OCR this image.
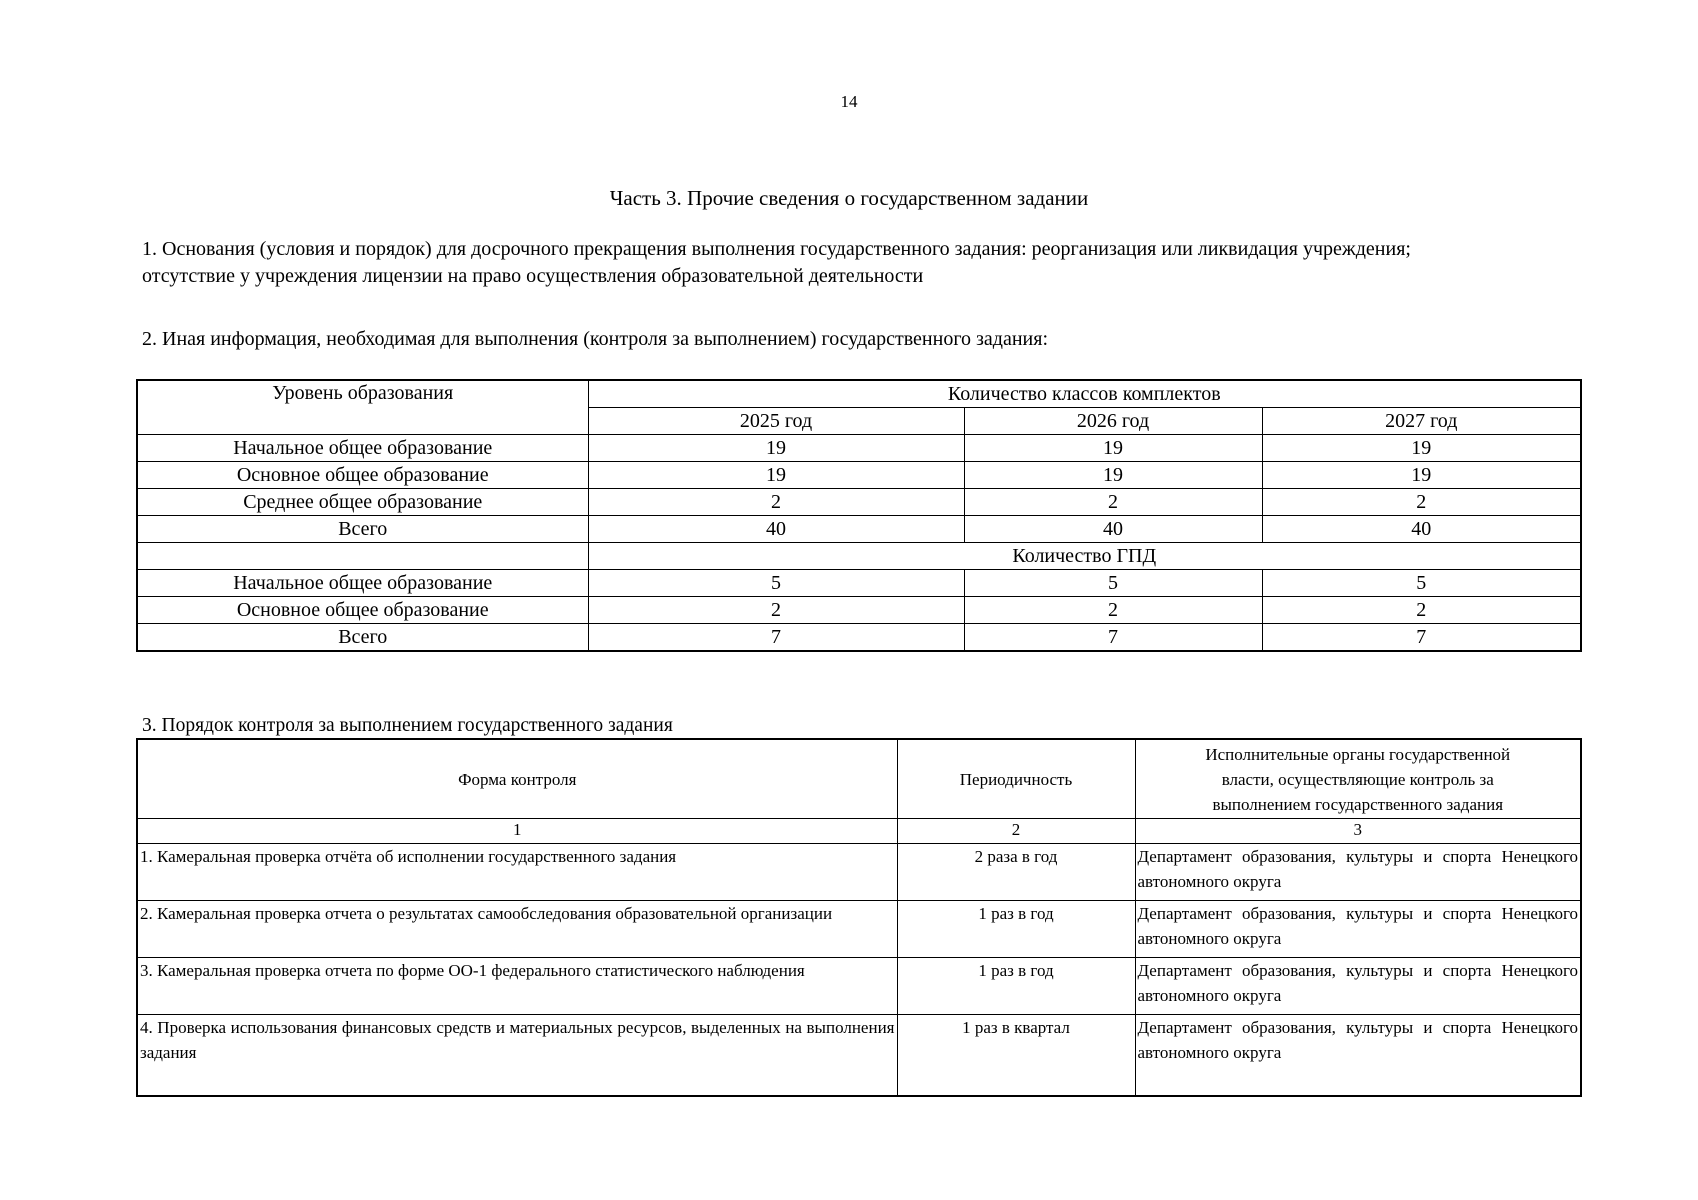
14
Часть 3. Прочие сведения о государственном задании
1. Основания (условия и порядок) для досрочного прекращения выполнения государственного задания: реорганизация или ликвидация учреждения;
отсутствие у учреждения лицензии на право осуществления образовательной деятельности
2. Иная информация, необходимая для выполнения (контроля за выполнением) государственного задания:
Уровень образования	Количество классов комплектов		
	2025 год	2026 год	2027 год
Начальное общее образование	19	19	19
Основное общее образование	19	19	19
Среднее общее образование	2	2	2
Всего	40	40	40
	Количество ГПД		
Начальное общее образование	5	5	5
Основное общее образование	2	2	2
Всего	7	7	7
3. Порядок контроля за выполнением государственного задания
Форма контроля	Периодичность	Исполнительные органы государственной
власти, осуществляющие контроль за
выполнением государственного задания

1	2	3
1. Камеральная проверка отчёта об исполнении государственного задания	2 раза в год	Департамент образования, культуры и спорта Ненецкого автономного округа
2. Камеральная проверка отчета о результатах самообследования образовательной организации	1 раз в год	Департамент образования, культуры и спорта Ненецкого автономного округа
3. Камеральная проверка отчета по форме ОО-1 федерального статистического наблюдения	1 раз в год	Департамент образования, культуры и спорта Ненецкого автономного округа
4. Проверка использования финансовых средств и материальных ресурсов, выделенных на выполнения задания	1 раз в квартал	Департамент образования, культуры и спорта Ненецкого автономного округа
